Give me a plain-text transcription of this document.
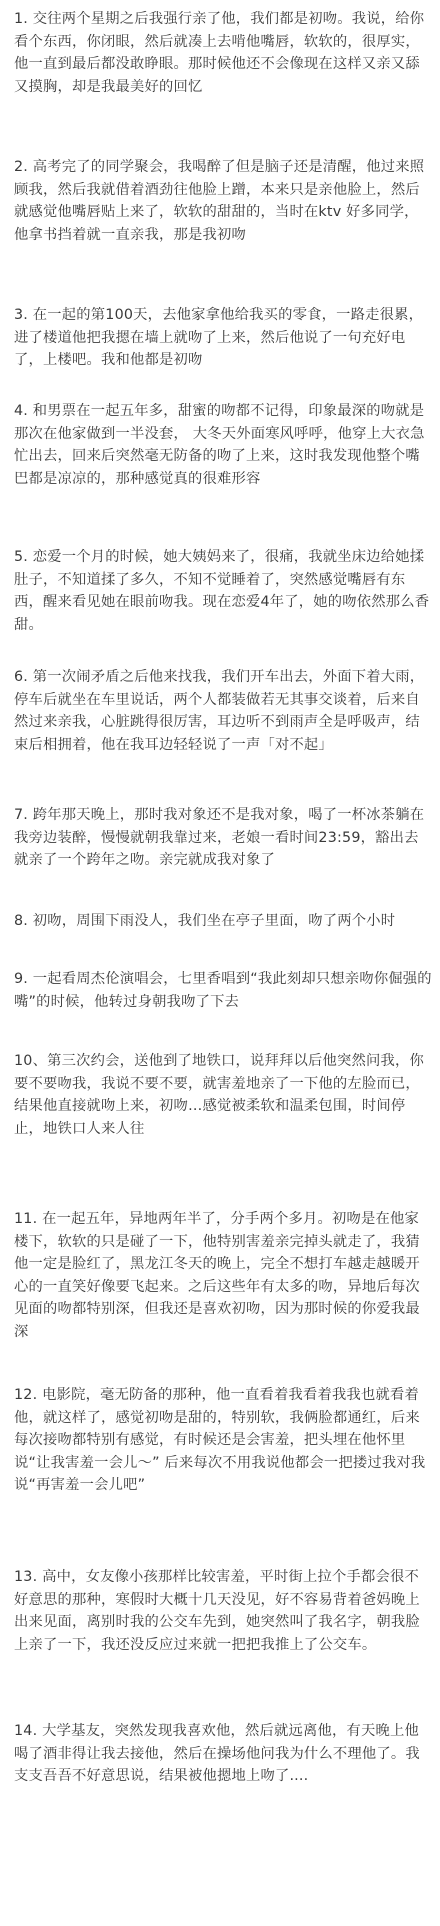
1. 交往两个星期之后我强行亲了他，我们都是初吻。我说，给你看个东西，你闭眼，然后就凑上去啃他嘴唇，软软的，很厚实，他一直到最后都没敢睁眼。那时候他还不会像现在这样又亲又舔又摸胸，却是我最美好的回忆

2. 高考完了的同学聚会，我喝醉了但是脑子还是清醒，他过来照顾我，然后我就借着酒劲往他脸上蹭，本来只是亲他脸上，然后就感觉他嘴唇贴上来了，软软的甜甜的，当时在ktv 好多同学，他拿书挡着就一直亲我，那是我初吻

3. 在一起的第100天，去他家拿他给我买的零食，一路走很累，进了楼道他把我摁在墙上就吻了上来，然后他说了一句充好电了，上楼吧。我和他都是初吻

4. 和男票在一起五年多，甜蜜的吻都不记得，印象最深的吻就是那次在他家做到一半没套， 大冬天外面寒风呼呼，他穿上大衣急忙出去，回来后突然毫无防备的吻了上来，这时我发现他整个嘴巴都是凉凉的，那种感觉真的很难形容

5. 恋爱一个月的时候，她大姨妈来了，很痛，我就坐床边给她揉肚子，不知道揉了多久，不知不觉睡着了，突然感觉嘴唇有东西，醒来看见她在眼前吻我。现在恋爱4年了，她的吻依然那么香甜。

6. 第一次闹矛盾之后他来找我，我们开车出去，外面下着大雨，停车后就坐在车里说话，两个人都装做若无其事交谈着，后来自然过来亲我，心脏跳得很厉害，耳边听不到雨声全是呼吸声，结束后相拥着，他在我耳边轻轻说了一声「对不起」

7. 跨年那天晚上，那时我对象还不是我对象，喝了一杯冰茶躺在我旁边装醉，慢慢就朝我靠过来，老娘一看时间23:59，豁出去就亲了一个跨年之吻。亲完就成我对象了

8. 初吻，周围下雨没人，我们坐在亭子里面，吻了两个小时

9. 一起看周杰伦演唱会，七里香唱到“我此刻却只想亲吻你倔强的嘴”的时候，他转过身朝我吻了下去

10、第三次约会，送他到了地铁口，说拜拜以后他突然问我，你要不要吻我，我说不要不要，就害羞地亲了一下他的左脸而已，结果他直接就吻上来，初吻…感觉被柔软和温柔包围，时间停止，地铁口人来人往

11. 在一起五年，异地两年半了，分手两个多月。初吻是在他家楼下，软软的只是碰了一下，他特别害羞亲完掉头就走了，我猜他一定是脸红了，黑龙江冬天的晚上，完全不想打车越走越暖开心的一直笑好像要飞起来。之后这些年有太多的吻，异地后每次见面的吻都特别深，但我还是喜欢初吻，因为那时候的你爱我最深

12. 电影院，毫无防备的那种，他一直看着我看着我我也就看着他，就这样了，感觉初吻是甜的，特别软，我俩脸都通红，后来每次接吻都特别有感觉，有时候还是会害羞，把头埋在他怀里说“让我害羞一会儿～” 后来每次不用我说他都会一把搂过我对我说“再害羞一会儿吧”

13. 高中，女友像小孩那样比较害羞，平时街上拉个手都会很不好意思的那种，寒假时大概十几天没见，好不容易背着爸妈晚上出来见面，离别时我的公交车先到，她突然叫了我名字，朝我脸上亲了一下，我还没反应过来就一把把我推上了公交车。

14. 大学基友，突然发现我喜欢他，然后就远离他，有天晚上他喝了酒非得让我去接他，然后在操场他问我为什么不理他了。我支支吾吾不好意思说，结果被他摁地上吻了....
